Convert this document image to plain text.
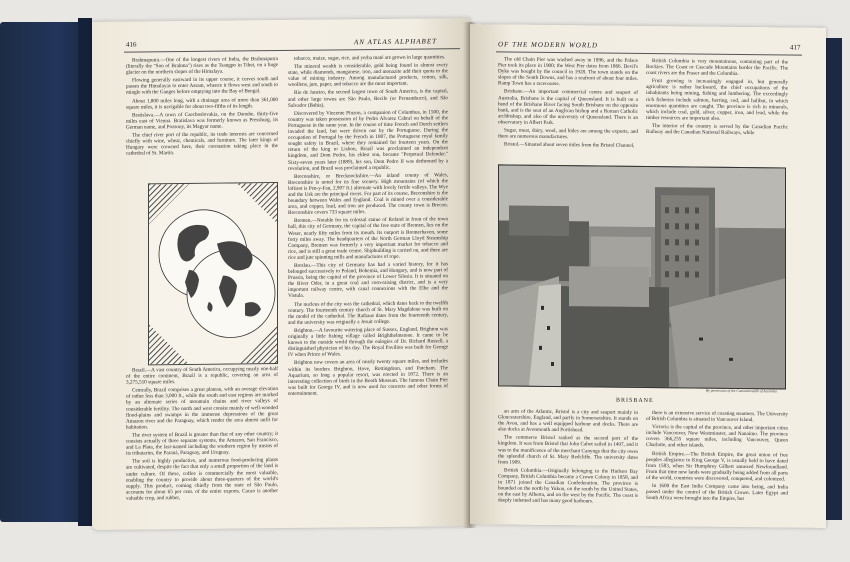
416	AN ATLAS ALPHABET

Brahmaputra.—One of the longest rivers of India, the Brahmaputra (literally the "Son of Brahma") rises as the Tsangpo in Tibet, on a huge glacier on the northern slopes of the Himalaya.

Flowing generally eastward in its upper course, it curves south and passes the Himalayas to enter Assam, whence it flows west and south to mingle with the Ganges before emptying into the Bay of Bengal.

About 1,800 miles long, with a drainage area of more than 361,000 square miles, it is navigable for about two-fifths of its length.

Bratislava.—A town of Czechoslovakia, on the Danube, thirty-five miles east of Vienna. Bratislava was formerly known as Pressburg, its German name, and Pozsony, its Magyar name.

The chief river port of the republic, its trade interests are concerned chiefly with wine, wheat, chemicals, and furniture. The later kings of Hungary were crowned here, their coronation taking place in the cathedral of St. Martin.

Brazil.—A vast country of South America, occupying nearly one-half of the entire continent, Brazil is a republic, covering an area of 3,275,510 square miles.

Centrally, Brazil comprises a great plateau, with an average elevation of rather less than 3,000 ft., while the south and east regions are marked by an alternate series of mountain chains and river valleys of considerable fertility. The north and west consist mainly of well-wooded flood-plains and swamps in the immense depressions of the great Amazon river and the Paraguay, which render the area almost unfit for habitation.

The river system of Brazil is greater than that of any other country; it consists actually of three separate systems, the Amazon, San Francisco, and La Plata, the last-named including the southern region by means of its tributaries, the Paraná, Paraguay, and Uruguay.

The soil is highly productive, and numerous food-producing plants are cultivated, despite the fact that only a small proportion of the land is under culture. Of these, coffee is commercially the most valuable, enabling the country to provide about three-quarters of the world's supply. This product, coming chiefly from the state of São Paulo, accounts for about 65 per cent. of the entire exports. Cacao is another valuable crop, and rubber,

tobacco, maize, sugar, rice, and yerba maté are grown in large quantities.

The mineral wealth is considerable, gold being found in almost every state, while diamonds, manganese, iron, and monazite add their quota to the value of mining industry. Among manufactured products, cotton, silk, woollens, jute, paper, and tobacco are the most important.

Rio de Janeiro, the second largest town of South America, is the capital, and other large towns are São Paulo, Recife (or Pernambuco), and São Salvador (Bahia).

Discovered by Vincente Pinzon, a companion of Columbus, in 1500, the country was taken possession of by Pedro Alvarez Cabral on behalf of the Portuguese in the same year. In the course of time French and Dutch settlers invaded the land, but were driven out by the Portuguese. During the occupation of Portugal by the French in 1807, the Portuguese royal family sought safety in Brazil, where they remained for fourteen years. On the return of the king to Lisbon, Brazil was proclaimed an independent kingdom, and Dom Pedro, his eldest son, became "Perpetual Defender." Sixty-seven years later (1889), his son, Dom Pedro II was dethroned by a revolution, and Brazil was proclaimed a republic.

Breconshire, or Brecknockshire.—An inland county of Wales, Breconshire is noted for its fine scenery. High mountains (of which the loftiest is Pen-y-Fan, 2,907 ft.) alternate with lovely fertile valleys. The Wye and the Usk are the principal rivers. For part of its course, Breconshire is the boundary between Wales and England. Coal is mined over a considerable area, and copper, lead, and iron are produced. The county town is Brecon. Breconshire covers 733 square miles.

Bremen.—Notable for its colossal statue of Roland in front of the town hall, this city of Germany, the capital of the free state of Bremen, lies on the Weser, nearly fifty miles from its mouth. Its outport is Bremerhaven, some forty miles away. The headquarters of the North German Lloyd Steamship Company, Bremen was formerly a very important market for tobacco and rice, and is still a great trade centre. Shipbuilding is carried on, and there are rice and jute spinning mills and manufactures of rope.

Breslau.—This city of Germany has had a varied history, for it has belonged successively to Poland, Bohemia, and Hungary, and is now part of Prussia, being the capital of the province of Lower Silesia. It is situated on the River Oder, in a great coal and corn-raising district, and is a very important railway centre, with canal connexions with the Elbe and the Vistula.

The nucleus of the city was the cathedral, which dates back to the twelfth century. The fourteenth century church of St. Mary Magdalene was built on the model of the cathedral. The Rathaus dates from the fourteenth century, and the university was originally a Jesuit college.

Brighton.—A favourite watering place of Sussex, England, Brighton was originally a little fishing village called Brighthelmstone. It came to be known to the outside world through the eulogies of Dr. Richard Russell, a distinguished physician of his day. The Royal Pavilion was built for George IV when Prince of Wales.

Brighton now covers an area of nearly twenty square miles, and includes within its borders Brighton, Hove, Rottingdean, and Patcham. The Aquarium, so long a popular resort, was erected in 1872. There is an interesting collection of birds in the Booth Museum. The famous Chain Pier was built for George IV, and is now used for concerts and other forms of entertainment.

OF THE MODERN WORLD	417

The old Chain Pier was washed away in 1896, and the Palace Pier took its place in 1900; the West Pier dates from 1866. Devil's Dyke was bought by the council in 1928. The town stands on the slopes of the South Downs, and has a seafront of about four miles. Ramp Town has a racecourse.

Brisbane.—An important commercial centre and seaport of Australia, Brisbane is the capital of Queensland. It is built on a bend of the Brisbane River facing South Brisbane on the opposite bank, and is the seat of an Anglican bishop and a Roman Catholic archbishop, and also of the university of Queensland. There is an observatory in Albert Park.

Sugar, meat, dairy, wool, and hides are among the exports, and there are numerous manufactures.

Bristol.—Situated about seven miles from the Bristol Channel,

British Columbia is very mountainous, containing part of the Rockies. The Coast or Cascade Mountains border the Pacific. The coast rivers are the Fraser and the Columbia.

Fruit growing is increasingly engaged in, but generally agriculture is rather backward, the chief occupations of the inhabitants being mining, fishing and lumbering. The exceedingly rich fisheries include salmon, herring, cod, and halibut, in which enormous quantities are caught. The province is rich in minerals, which include coal, gold, silver, copper, iron, and lead, while the timber resources are important also.

The interior of the country is served by the Canadian Pacific Railway and the Canadian National Railways, while

By permission of the Commonwealth of Australia
BRISBANE

an arm of the Atlantic, Bristol is a city and seaport mainly in Gloucestershire, England, and partly in Somersetshire. It stands on the Avon, and has a well equipped harbour and docks. There are also docks at Avonmouth and Portishead.

The commerce Bristol ranked as the second port of the kingdom. It was from Bristol that John Cabot sailed in 1497, and it was to the munificence of the merchant Canynge that the city owes the splendid church of St. Mary Redcliffe. The university dates from 1909.

British Columbia.—Originally belonging to the Hudson Bay Company, British Columbia became a Crown Colony in 1858, and in 1871 joined the Canadian Confederation. The province is bounded on the north by Yukon, on the south by the United States, on the east by Alberta, and on the west by the Pacific. The coast is deeply indented and has many good harbours.

there is an extensive service of coasting steamers. The University of British Columbia is situated in Vancouver Island.

Victoria is the capital of the province, and other important cities include Vancouver, New Westminster, and Nanaimo. The province covers 366,255 square miles, including Vancouver, Queen Charlotte, and other islands.

British Empire.—The British Empire, the great union of free peoples allegiance to King George V, is usually held to have dated from 1583, when Sir Humphrey Gilbert annexed Newfoundland. From that time new lands were gradually being added from all parts of the world, countries were discovered, conquered, and colonized.

In 1600 the East India Company came into being, and India passed under the control of the British Crown. Later Egypt and South Africa were brought into the Empire, but
